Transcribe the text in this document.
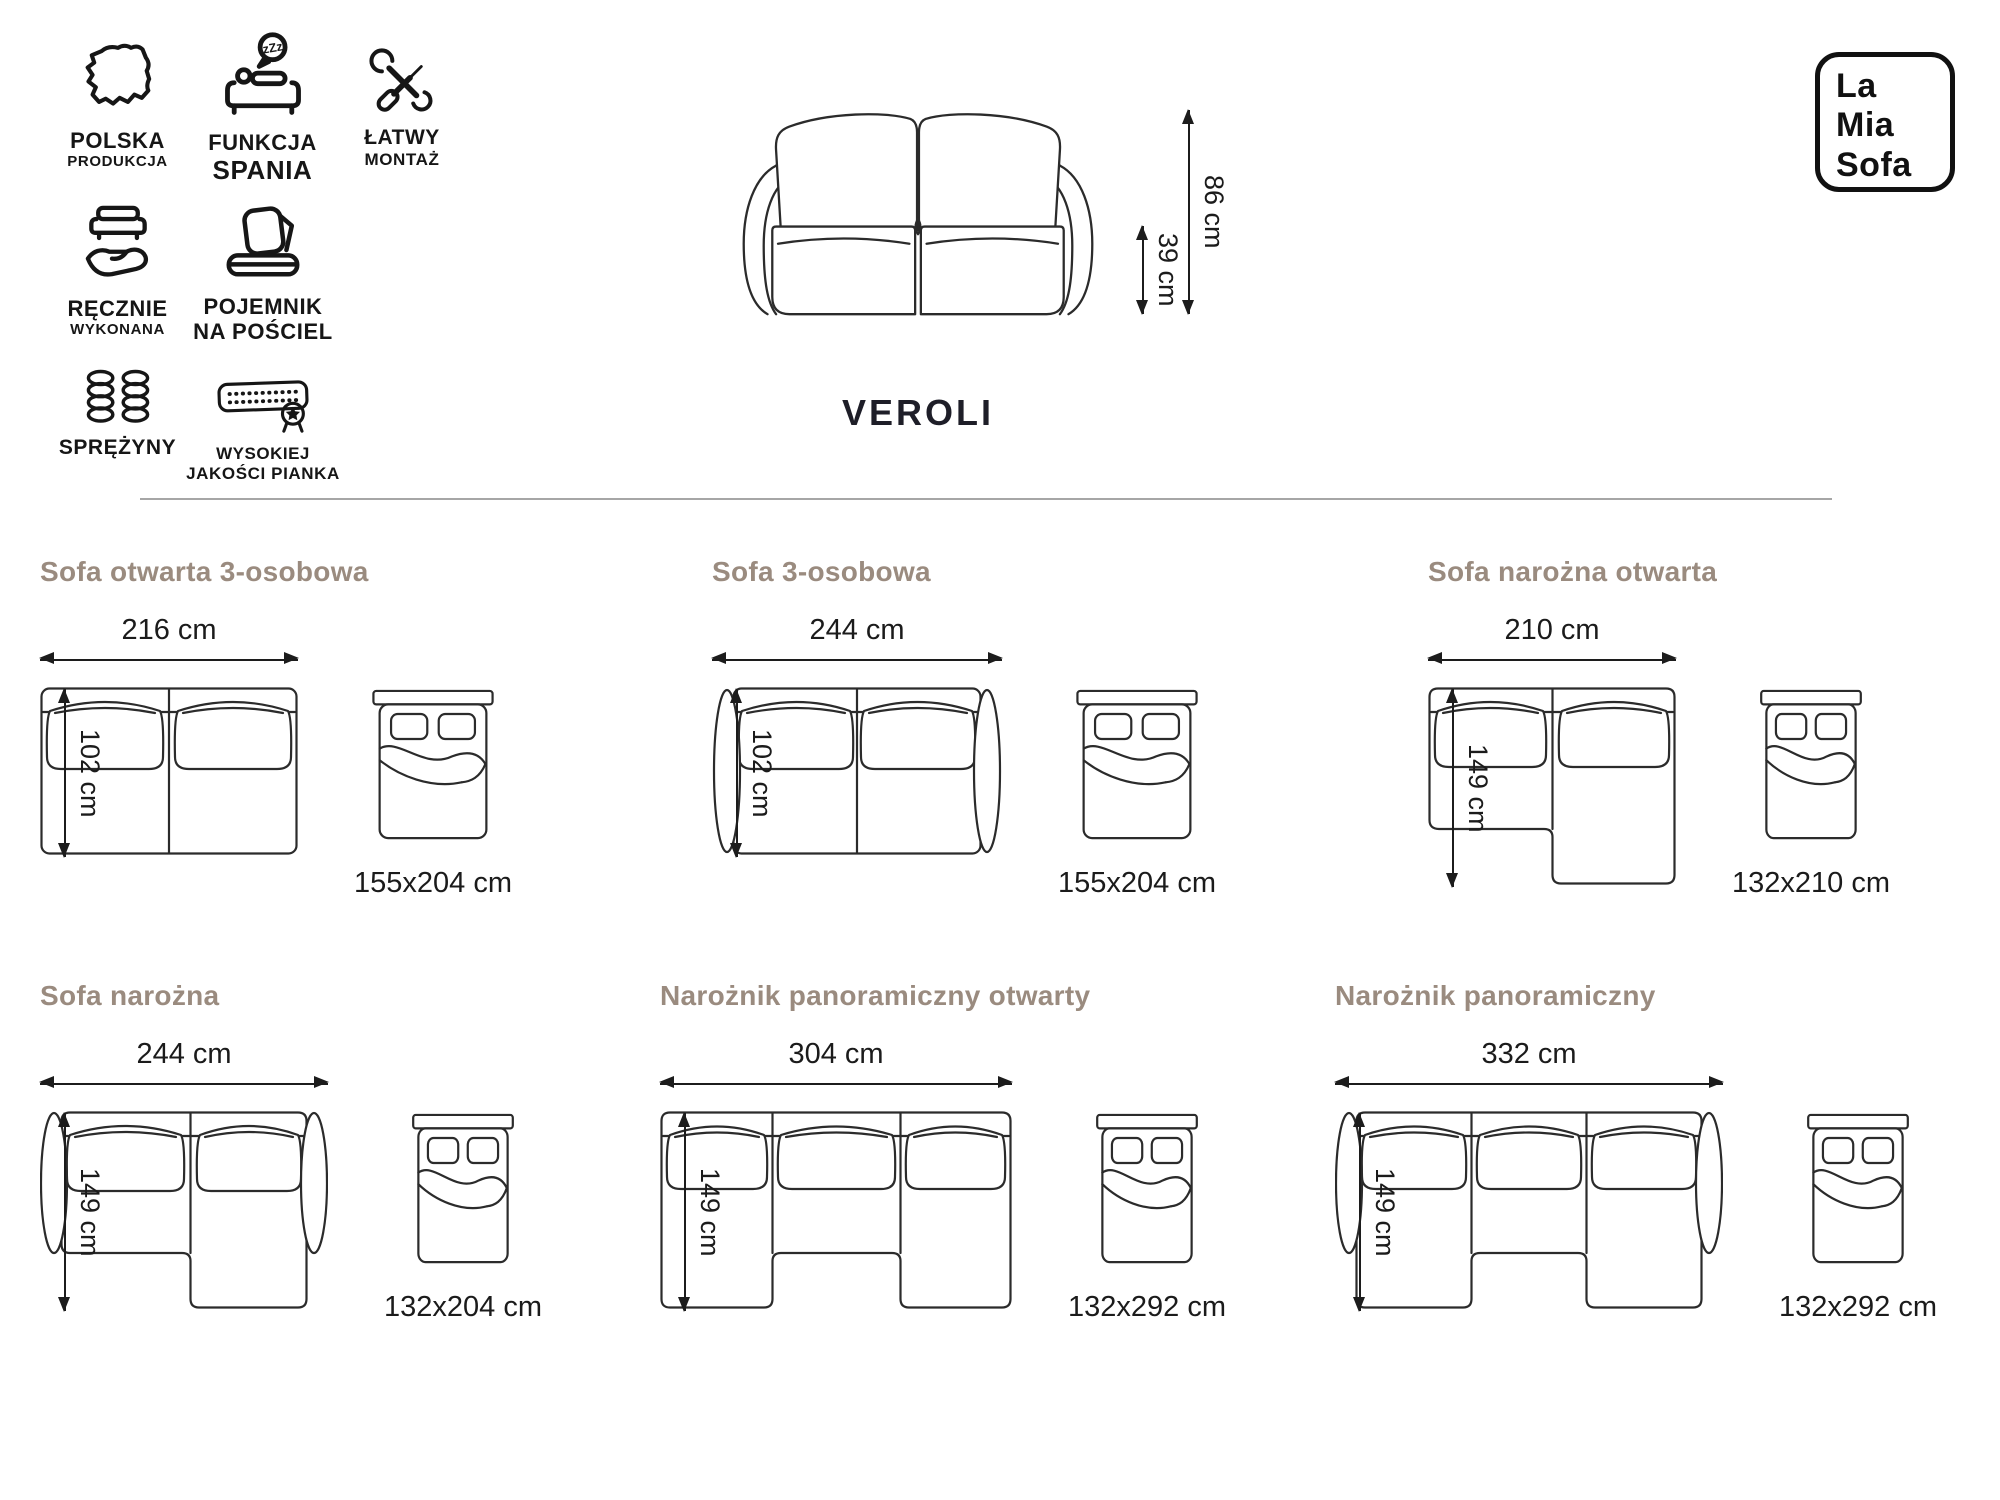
POLSKA
PRODUKCJA
zZz
FUNKCJA
SPANIA
ŁATWY
MONTAŻ
RĘCZNIE
WYKONANA
POJEMNIK
NA POŚCIEL
SPRĘŻYNY WYSOKIEJ
JAKOŚCI PIANKA
La
Mia
Sofa
39 cm
86 cm
VEROLI
Sofa otwarta 3-osobowa
216 cm
102 cm
155x204 cm
Sofa 3-osobowa
244 cm
102 cm
155x204 cm
Sofa narożna otwarta
210 cm
149 cm
132x210 cm
Sofa narożna
244 cm
149 cm
132x204 cm
Narożnik panoramiczny otwarty
304 cm
149 cm
132x292 cm
Narożnik panoramiczny
332 cm
149 cm
132x292 cm
